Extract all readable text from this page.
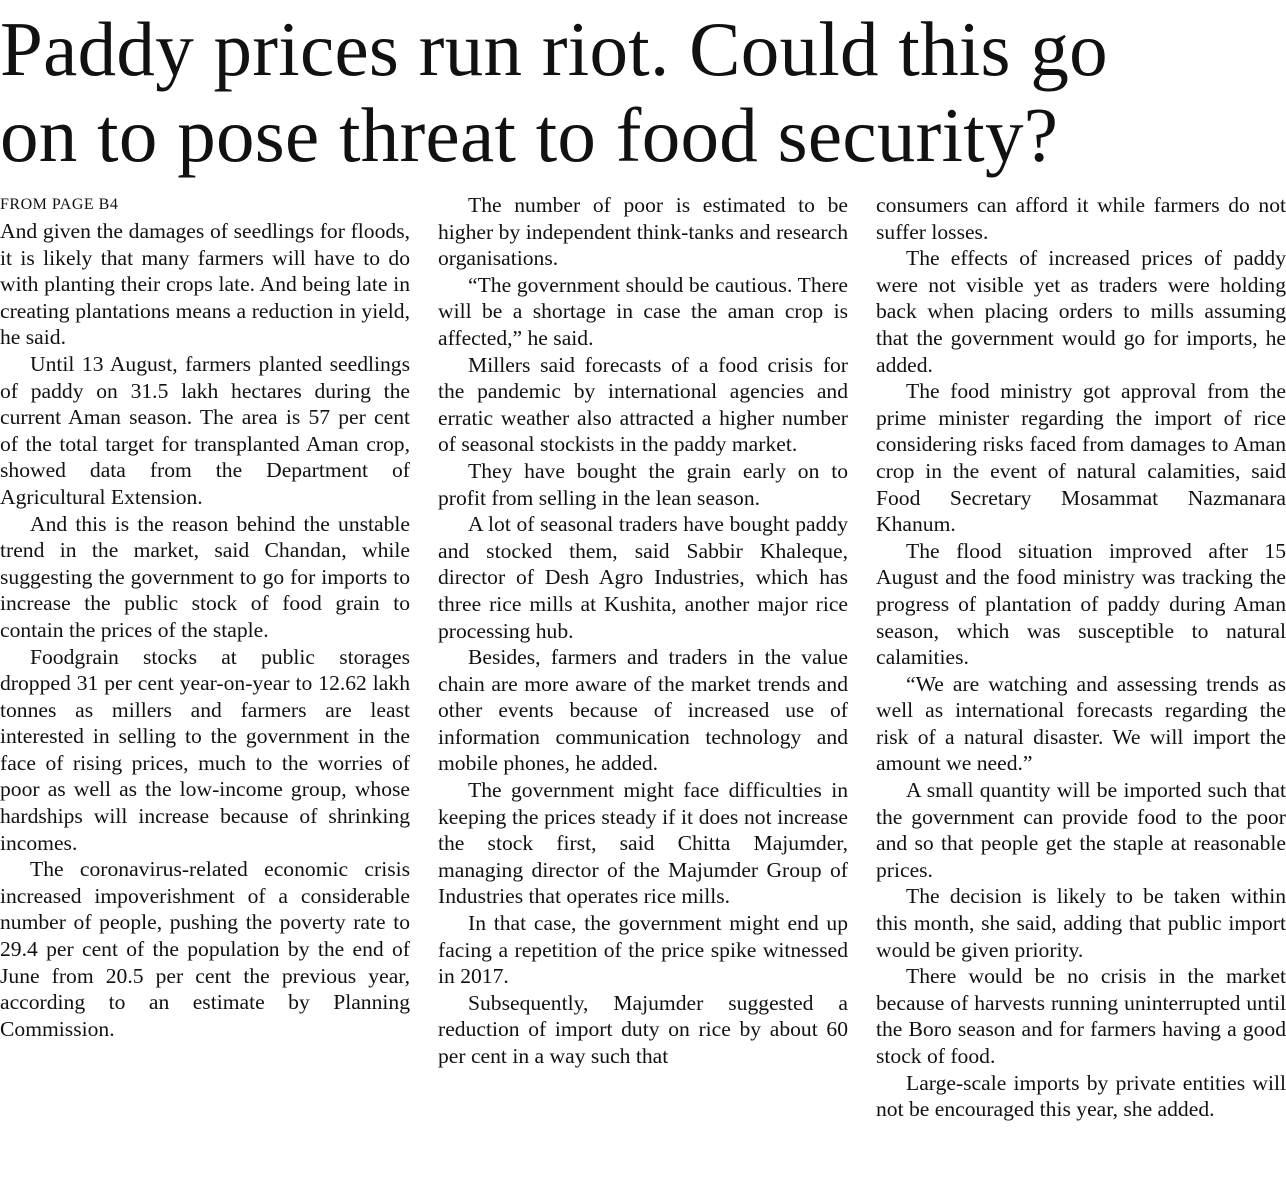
Paddy prices run riot. Could this go
on to pose threat to food security?

FROM PAGE B4

And given the damages of seedlings for floods, it is likely that many farmers will have to do with planting their crops late. And being late in creating plantations means a reduction in yield, he said.

Until 13 August, farmers planted seedlings of paddy on 31.5 lakh hectares during the current Aman season. The area is 57 per cent of the total target for transplanted Aman crop, showed data from the Department of Agricultural Extension.

And this is the reason behind the unstable trend in the market, said Chandan, while suggesting the government to go for imports to increase the public stock of food grain to contain the prices of the staple.

Foodgrain stocks at public storages dropped 31 per cent year-on-year to 12.62 lakh tonnes as millers and farmers are least interested in selling to the government in the face of rising prices, much to the worries of poor as well as the low-income group, whose hardships will increase because of shrinking incomes.

The coronavirus-related economic crisis increased impoverishment of a considerable number of people, pushing the poverty rate to 29.4 per cent of the population by the end of June from 20.5 per cent the previous year, according to an estimate by Planning Commission.

The number of poor is estimated to be higher by independent think-tanks and research organisations.

“The government should be cautious. There will be a shortage in case the aman crop is affected,” he said.

Millers said forecasts of a food crisis for the pandemic by international agencies and erratic weather also attracted a higher number of seasonal stockists in the paddy market.

They have bought the grain early on to profit from selling in the lean season.

A lot of seasonal traders have bought paddy and stocked them, said Sabbir Khaleque, director of Desh Agro Industries, which has three rice mills at Kushita, another major rice processing hub.

Besides, farmers and traders in the value chain are more aware of the market trends and other events because of increased use of information communication technology and mobile phones, he added.

The government might face difficulties in keeping the prices steady if it does not increase the stock first, said Chitta Majumder, managing director of the Majumder Group of Industries that operates rice mills.

In that case, the government might end up facing a repetition of the price spike witnessed in 2017.

Subsequently, Majumder suggested a reduction of import duty on rice by about 60 per cent in a way such that

consumers can afford it while farmers do not suffer losses.

The effects of increased prices of paddy were not visible yet as traders were holding back when placing orders to mills assuming that the government would go for imports, he added.

The food ministry got approval from the prime minister regarding the import of rice considering risks faced from damages to Aman crop in the event of natural calamities, said Food Secretary Mosammat Nazmanara Khanum.

The flood situation improved after 15 August and the food ministry was tracking the progress of plantation of paddy during Aman season, which was susceptible to natural calamities.

“We are watching and assessing trends as well as international forecasts regarding the risk of a natural disaster. We will import the amount we need.”

A small quantity will be imported such that the government can provide food to the poor and so that people get the staple at reasonable prices.

The decision is likely to be taken within this month, she said, adding that public import would be given priority.

There would be no crisis in the market because of harvests running uninterrupted until the Boro season and for farmers having a good stock of food.

Large-scale imports by private entities will not be encouraged this year, she added.
